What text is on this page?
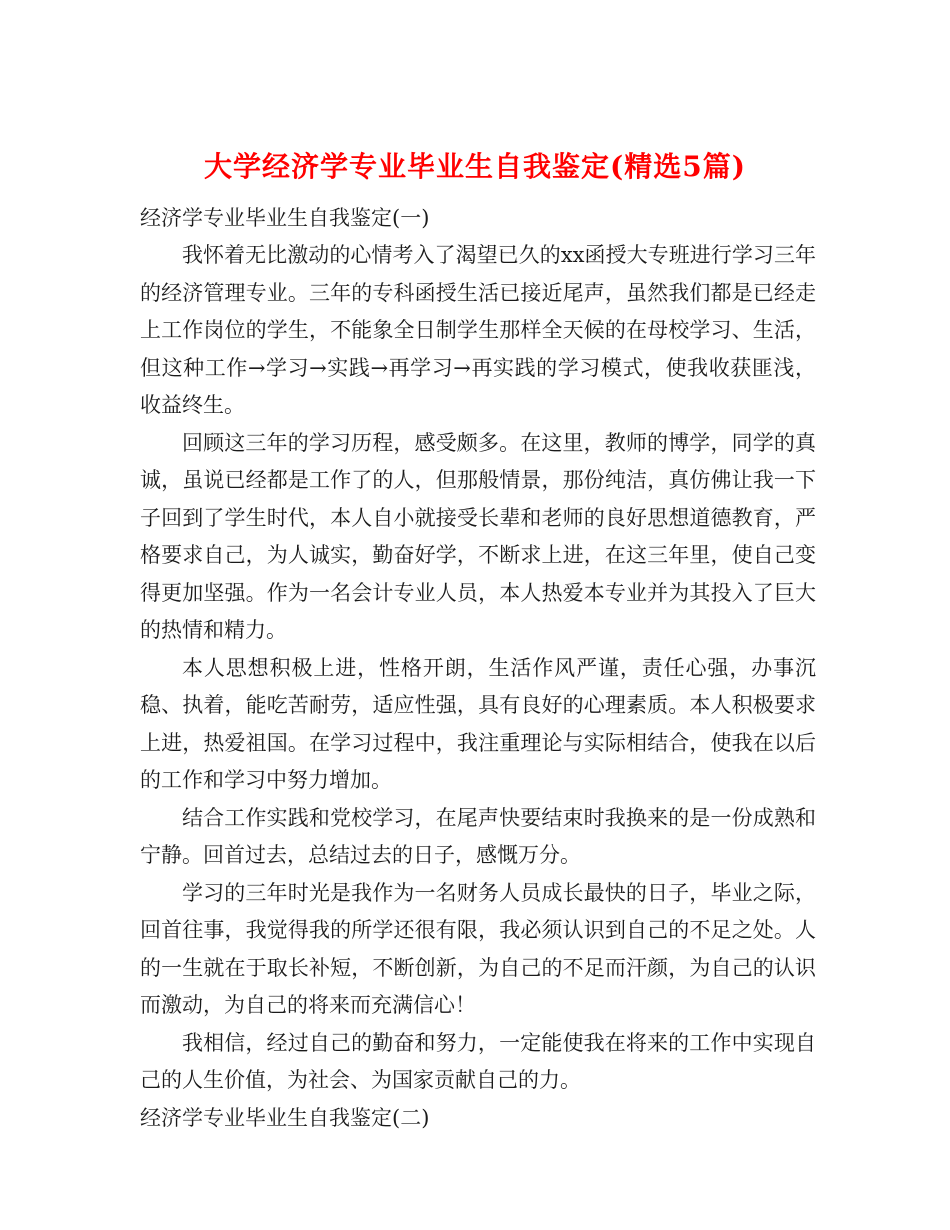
大学经济学专业毕业生自我鉴定(精选5篇)
经济学专业毕业生自我鉴定(一)

我怀着无比激动的心情考入了渴望已久的xx函授大专班进行学习三年的经济管理专业。三年的专科函授生活已接近尾声，虽然我们都是已经走上工作岗位的学生，不能象全日制学生那样全天候的在母校学习、生活，但这种工作→学习→实践→再学习→再实践的学习模式，使我收获匪浅，收益终生。

回顾这三年的学习历程，感受颇多。在这里，教师的博学，同学的真诚，虽说已经都是工作了的人，但那般情景，那份纯洁，真仿佛让我一下子回到了学生时代，本人自小就接受长辈和老师的良好思想道德教育，严格要求自己，为人诚实，勤奋好学，不断求上进，在这三年里，使自己变得更加坚强。作为一名会计专业人员，本人热爱本专业并为其投入了巨大的热情和精力。

本人思想积极上进，性格开朗，生活作风严谨，责任心强，办事沉稳、执着，能吃苦耐劳，适应性强，具有良好的心理素质。本人积极要求上进，热爱祖国。在学习过程中，我注重理论与实际相结合，使我在以后的工作和学习中努力增加。

结合工作实践和党校学习，在尾声快要结束时我换来的是一份成熟和宁静。回首过去，总结过去的日子，感慨万分。

学习的三年时光是我作为一名财务人员成长最快的日子，毕业之际，回首往事，我觉得我的所学还很有限，我必须认识到自己的不足之处。人的一生就在于取长补短，不断创新，为自己的不足而汗颜，为自己的认识而激动，为自己的将来而充满信心！

我相信，经过自己的勤奋和努力，一定能使我在将来的工作中实现自己的人生价值，为社会、为国家贡献自己的力。

经济学专业毕业生自我鉴定(二)
